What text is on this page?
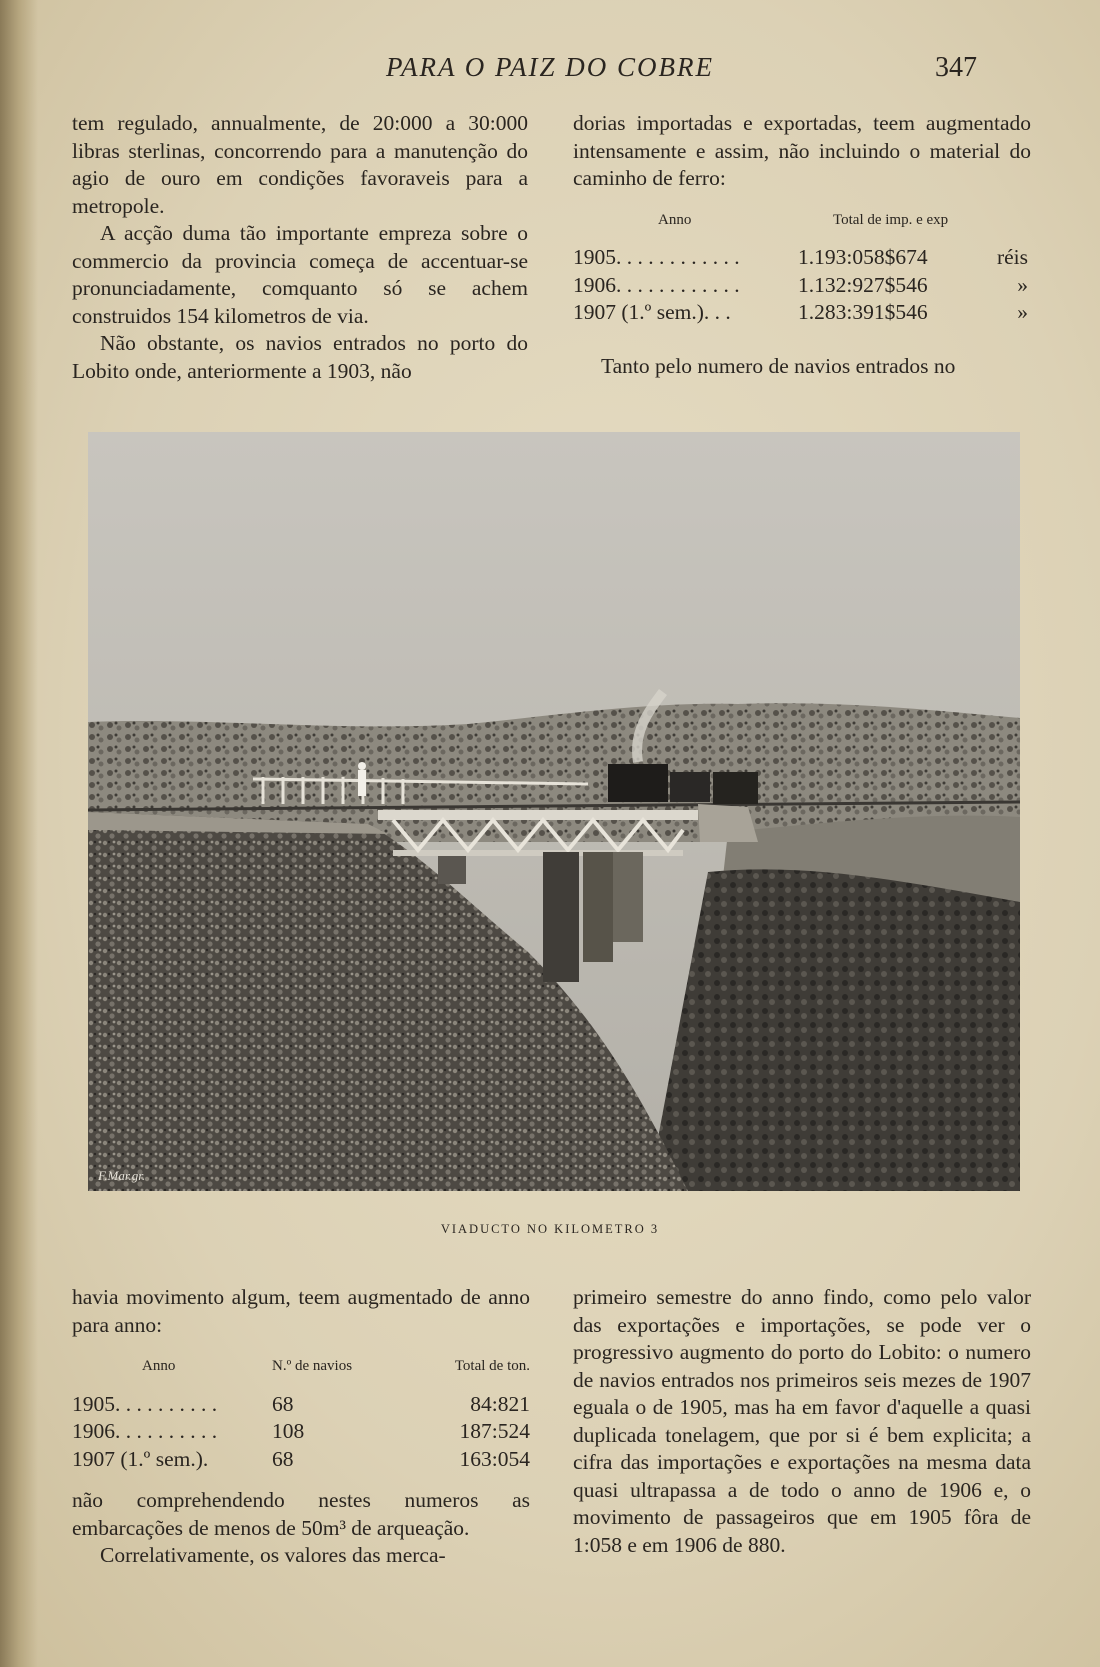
PARA O PAIZ DO COBRE	347

tem regulado, annualmente, de 20:000 a 30:000 libras sterlinas, concorrendo para a manutenção do agio de ouro em condições favoraveis para a metropole.

A acção duma tão importante empreza sobre o commercio da provincia começa de accentuar-se pronunciadamente, comquanto só se achem construidos 154 kilometros de via.

Não obstante, os navios entrados no porto do Lobito onde, anteriormente a 1903, não

dorias importadas e exportadas, teem augmentado intensamente e assim, não incluindo o material do caminho de ferro:

Anno	Total de imp. e exp
1905. . . . . . . . . . . .	1.193:058$674	réis
1906. . . . . . . . . . . .	1.132:927$546	»
1907 (1.º sem.). . .	1.283:391$546	»

Tanto pelo numero de navios entrados no

F.Mar.gr.
VIADUCTO NO KILOMETRO 3

havia movimento algum, teem augmentado de anno para anno:

Anno	N.º de navios	Total de ton.
1905. . . . . . . . . .	68	84:821
1906. . . . . . . . . .	108	187:524
1907 (1.º sem.).	68	163:054

não comprehendendo nestes numeros as embarcações de menos de 50m³ de arqueação.

Correlativamente, os valores das merca-

primeiro semestre do anno findo, como pelo valor das exportações e importações, se pode ver o progressivo augmento do porto do Lobito: o numero de navios entrados nos primeiros seis mezes de 1907 eguala o de 1905, mas ha em favor d'aquelle a quasi duplicada tonelagem, que por si é bem explicita; a cifra das importações e exportações na mesma data quasi ultrapassa a de todo o anno de 1906 e, o movimento de passageiros que em 1905 fôra de 1:058 e em 1906 de 880.
